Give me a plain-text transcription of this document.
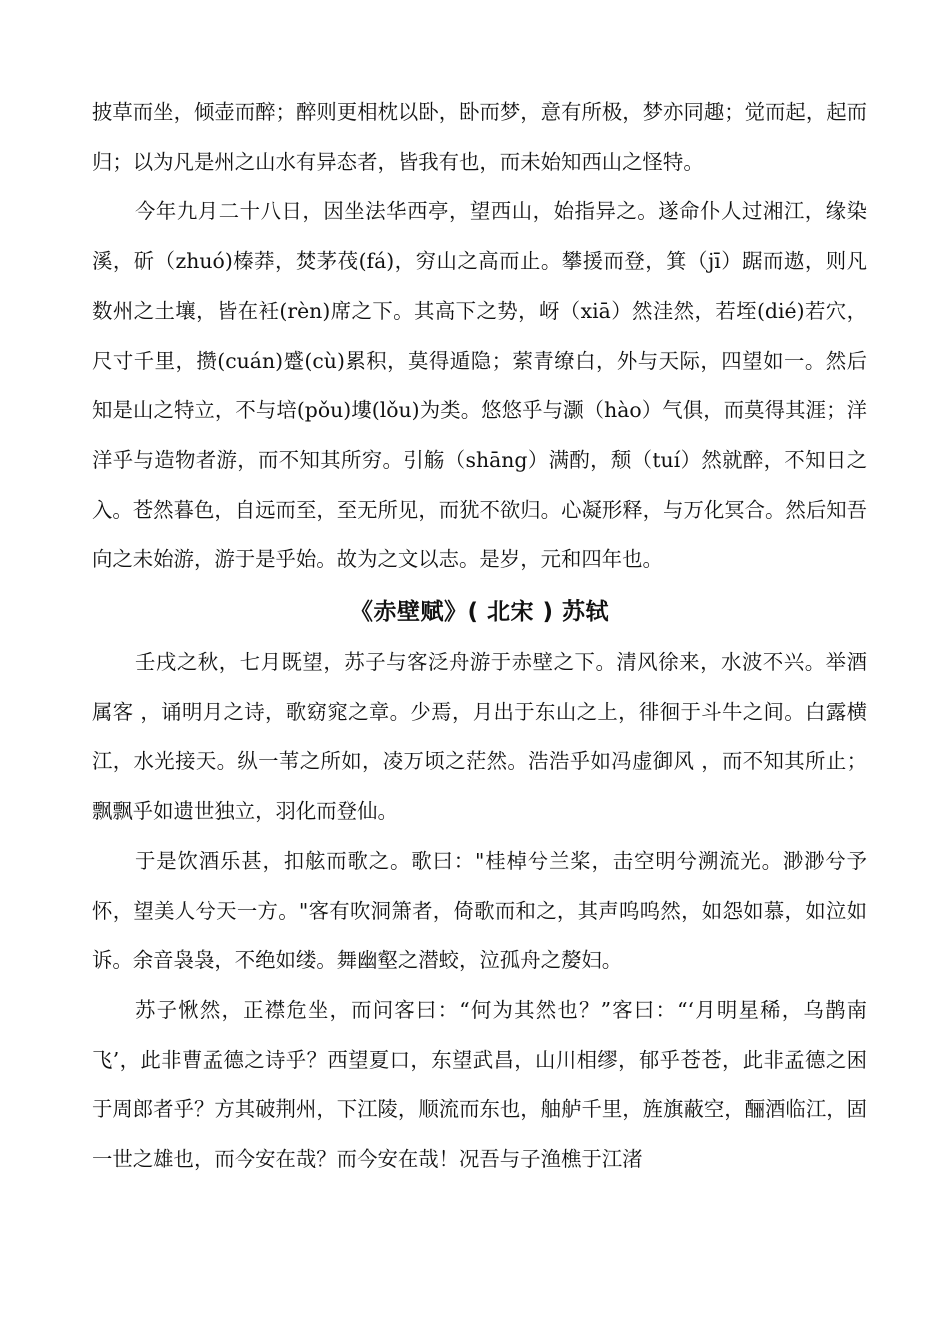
披草而坐，倾壶而醉；醉则更相枕以卧，卧而梦，意有所极，梦亦同趣；觉而起，起而归；以为凡是州之山水有异态者，皆我有也，而未始知西山之怪特。

今年九月二十八日，因坐法华西亭，望西山，始指异之。遂命仆人过湘江，缘染溪，斫（zhuó)榛莽，焚茅茷(fá)，穷山之高而止。攀援而登，箕（jī）踞而遨，则凡数州之土壤，皆在衽(rèn)席之下。其高下之势，岈（xiā）然洼然，若垤(dié)若穴，尺寸千里，攒(cuán)蹙(cù)累积，莫得遁隐；萦青缭白，外与天际，四望如一。然后知是山之特立，不与培(pǒu)塿(lǒu)为类。悠悠乎与灏（hào）气俱，而莫得其涯；洋洋乎与造物者游，而不知其所穷。引觞（shāng）满酌，颓（tuí）然就醉，不知日之入。苍然暮色，自远而至，至无所见，而犹不欲归。心凝形释，与万化冥合。然后知吾向之未始游，游于是乎始。故为之文以志。是岁，元和四年也。

《赤壁赋》( 北宋 ) 苏轼

壬戌之秋，七月既望，苏子与客泛舟游于赤壁之下。清风徐来，水波不兴。举酒属客 ，诵明月之诗，歌窈窕之章。少焉，月出于东山之上，徘徊于斗牛之间。白露横江，水光接天。纵一苇之所如，凌万顷之茫然。浩浩乎如冯虚御风 ，而不知其所止；飘飘乎如遗世独立，羽化而登仙。

于是饮酒乐甚，扣舷而歌之。歌曰："桂棹兮兰桨，击空明兮溯流光。渺渺兮予怀，望美人兮天一方。"客有吹洞箫者，倚歌而和之，其声呜呜然，如怨如慕，如泣如诉。余音袅袅，不绝如缕。舞幽壑之潜蛟，泣孤舟之嫠妇。

苏子愀然，正襟危坐，而问客曰：“何为其然也？”客曰：“‘月明星稀，乌鹊南飞’，此非曹孟德之诗乎？西望夏口，东望武昌，山川相缪，郁乎苍苍，此非孟德之困于周郎者乎？方其破荆州，下江陵，顺流而东也，舳舻千里，旌旗蔽空，酾酒临江，固一世之雄也，而今安在哉？而今安在哉！况吾与子渔樵于江渚
